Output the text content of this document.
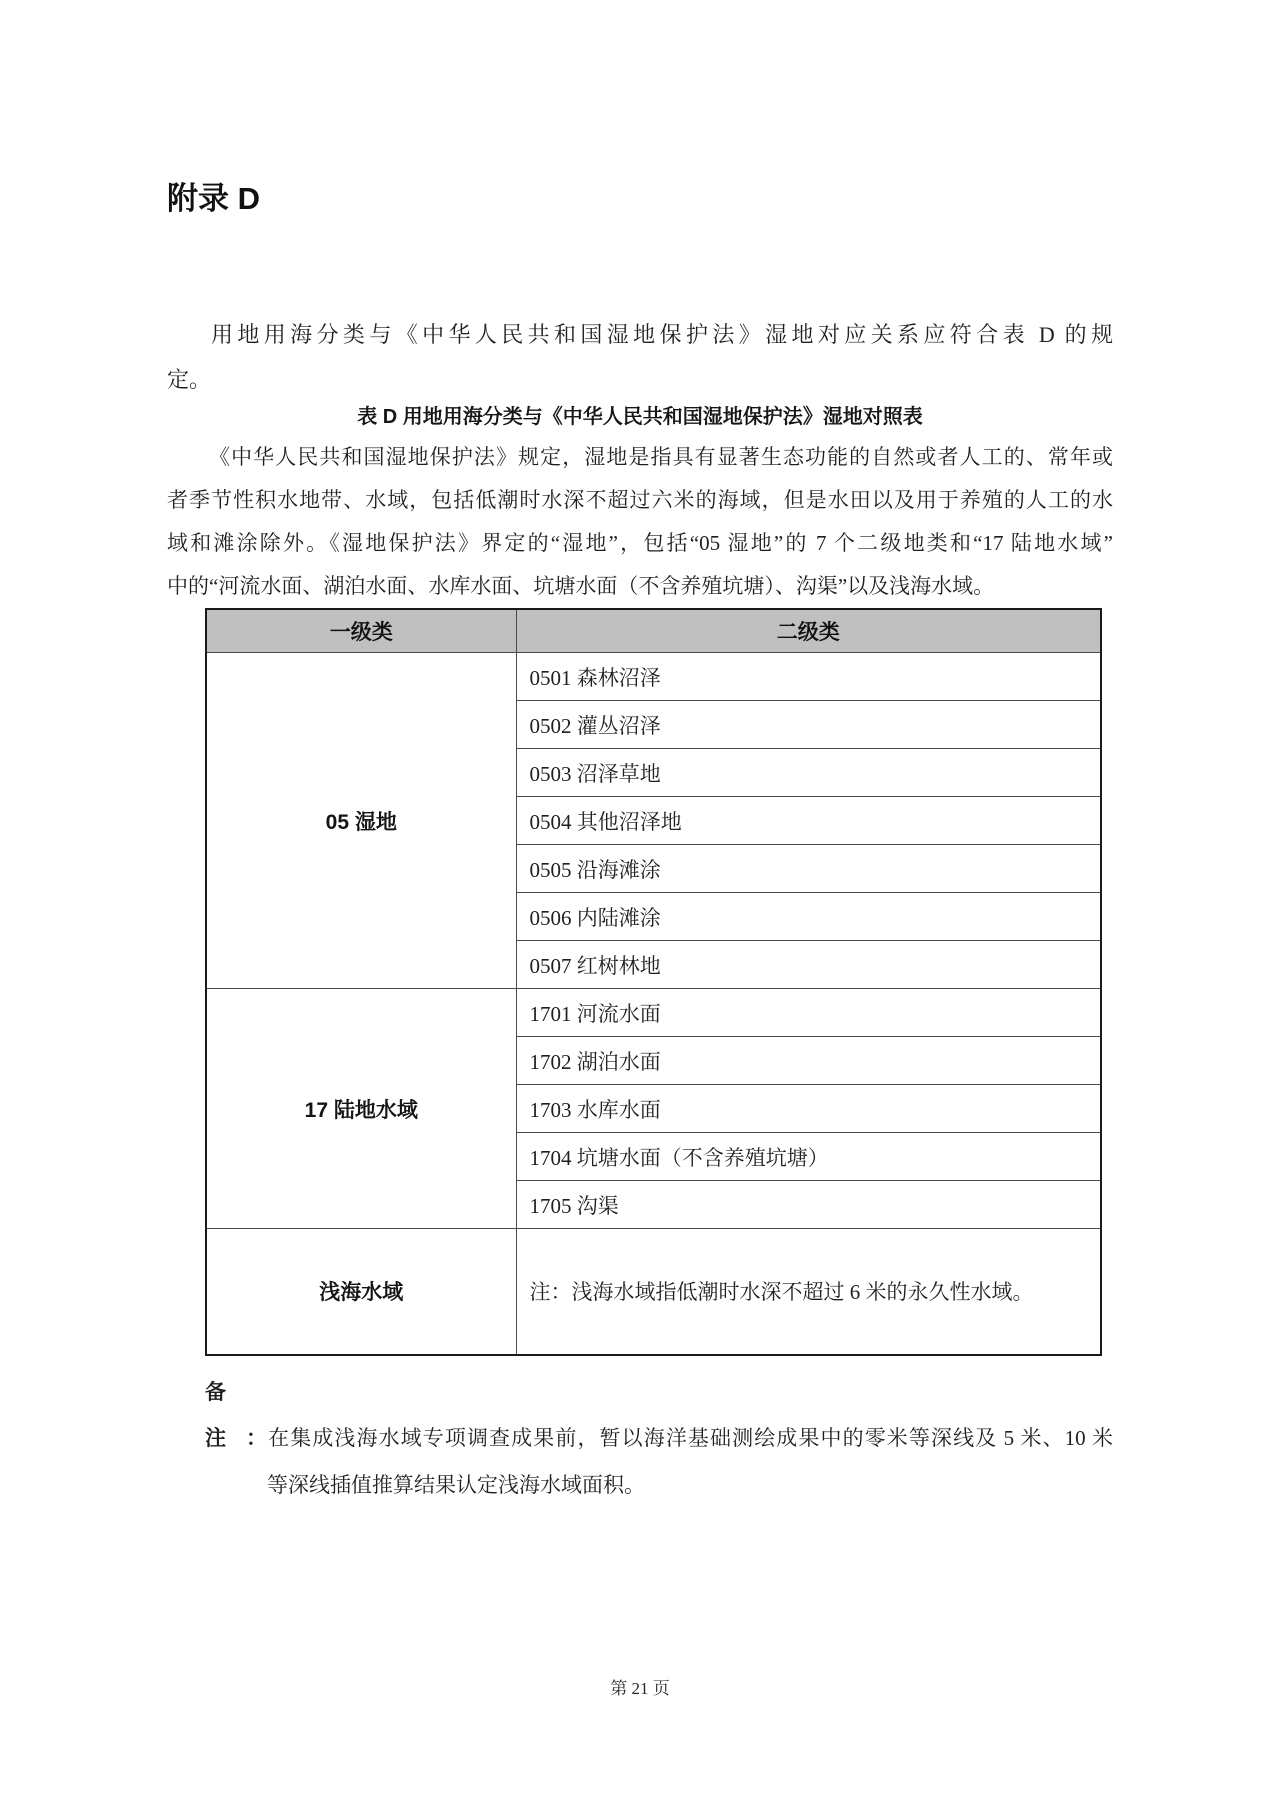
附录 D
用地用海分类与《中华人民共和国湿地保护法》湿地对应关系应符合表 D 的规
定。
表 D 用地用海分类与《中华人民共和国湿地保护法》湿地对照表
《中华人民共和国湿地保护法》规定，湿地是指具有显著生态功能的自然或者人工的、常年或
者季节性积水地带、水域，包括低潮时水深不超过六米的海域，但是水田以及用于养殖的人工的水
域和滩涂除外。《湿地保护法》界定的“湿地”，包括“05 湿地”的 7 个二级地类和“17 陆地水域”
中的“河流水面、湖泊水面、水库水面、坑塘水面（不含养殖坑塘）、沟渠”以及浅海水域。
一级类	二级类
05 湿地	0501 森林沼泽
	0502 灌丛沼泽
	0503 沼泽草地
	0504 其他沼泽地
	0505 沿海滩涂
	0506 内陆滩涂
	0507 红树林地
17 陆地水域	1701 河流水面
	1702 湖泊水面
	1703 水库水面
	1704 坑塘水面（不含养殖坑塘）
	1705 沟渠
浅海水域	注：浅海水域指低潮时水深不超过 6 米的永久性水域。
备注：在集成浅海水域专项调查成果前，暂以海洋基础测绘成果中的零米等深线及 5 米、10 米
等深线插值推算结果认定浅海水域面积。
第 21 页
